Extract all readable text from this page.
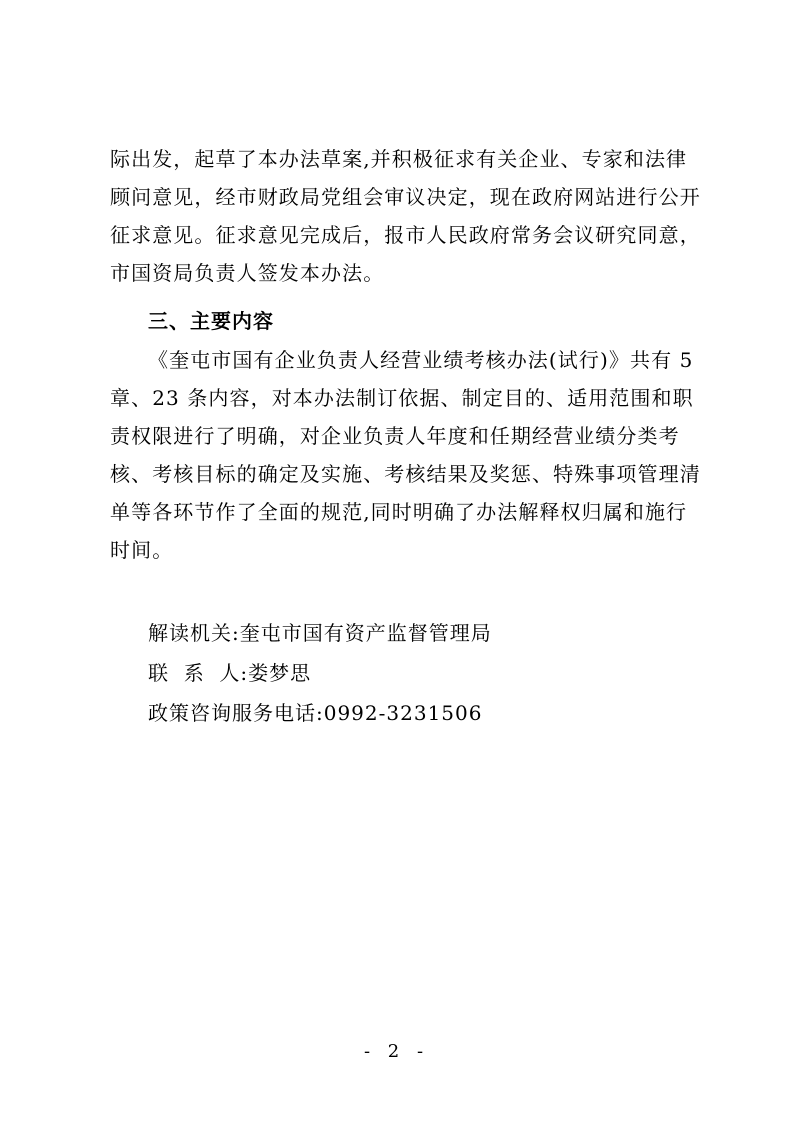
际出发，起草了本办法草案,并积极征求有关企业、专家和法律
顾问意见，经市财政局党组会审议决定，现在政府网站进行公开
征求意见。征求意见完成后，报市人民政府常务会议研究同意，
市国资局负责人签发本办法。
三、主要内容
《奎屯市国有企业负责人经营业绩考核办法(试行)》共有 5
章、23 条内容，对本办法制订依据、制定目的、适用范围和职
责权限进行了明确，对企业负责人年度和任期经营业绩分类考
核、考核目标的确定及实施、考核结果及奖惩、特殊事项管理清
单等各环节作了全面的规范,同时明确了办法解释权归属和施行
时间。
解读机关:奎屯市国有资产监督管理局
联  系  人:娄梦思
政策咨询服务电话:0992-3231506
- 2 -
